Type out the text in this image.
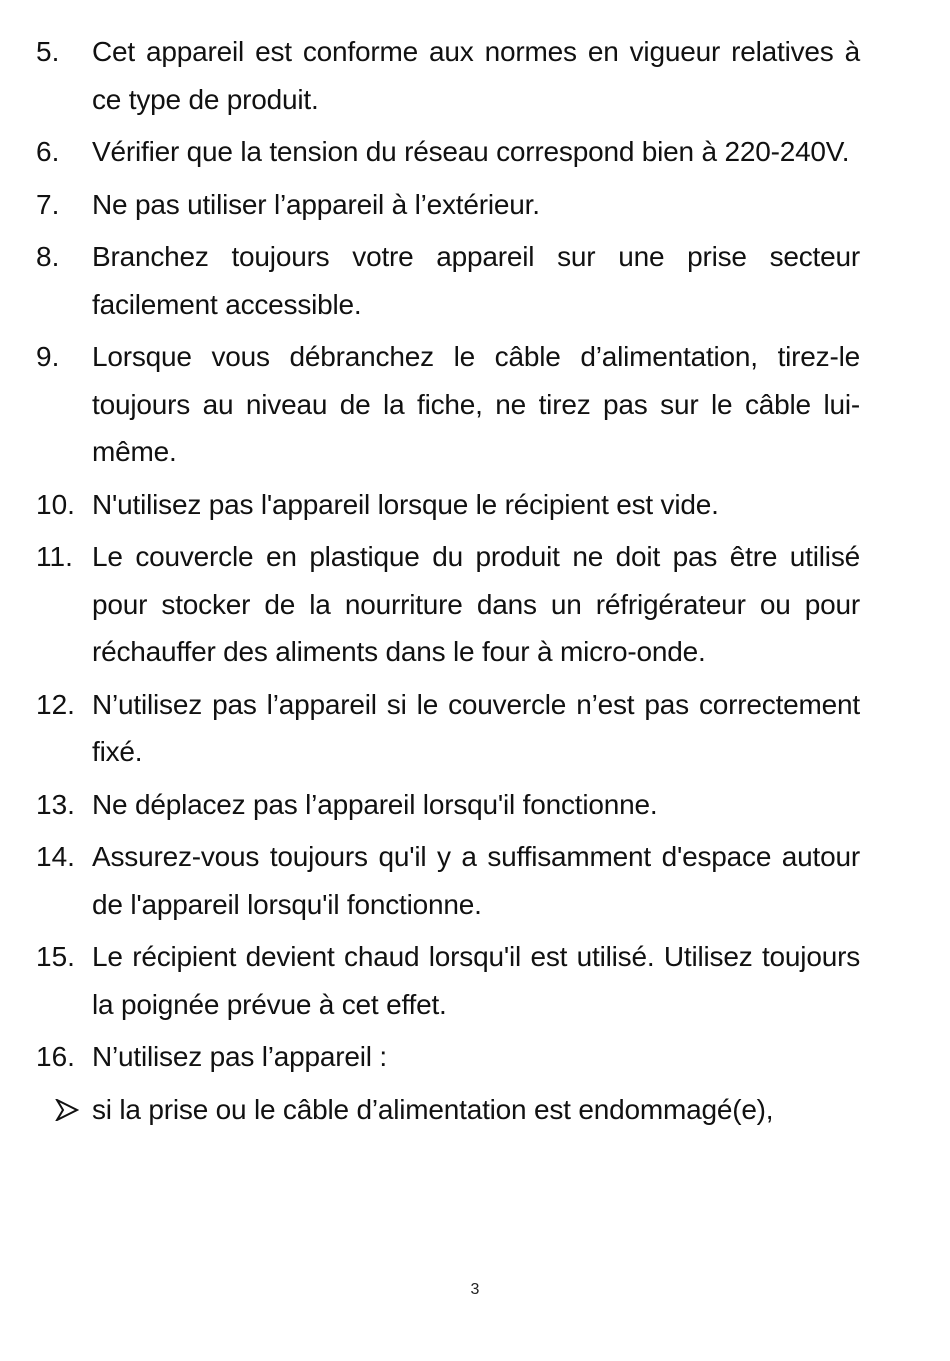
5.	Cet appareil est conforme aux normes en vigueur relatives à ce type de produit.
6.	Vérifier que la tension du réseau correspond bien à 220-240V.
7.	Ne pas utiliser l’appareil à l’extérieur.
8.	Branchez toujours votre appareil sur une prise secteur facilement accessible.
9.	Lorsque vous débranchez le câble d’alimentation, tirez-le toujours au niveau de la fiche, ne tirez pas sur le câble lui-même.
10. N'utilisez pas l'appareil lorsque le récipient est vide.
11. Le couvercle en plastique du produit ne doit pas être utilisé pour stocker de la nourriture dans un réfrigérateur ou pour réchauffer des aliments dans le four à micro-onde.
12. N’utilisez pas l’appareil si le couvercle n’est pas correctement fixé.
13. Ne déplacez pas l’appareil lorsqu'il fonctionne.
14. Assurez-vous toujours qu'il y a suffisamment d'espace autour de l'appareil lorsqu'il fonctionne.
15. Le récipient devient chaud lorsqu'il est utilisé. Utilisez toujours la poignée prévue à cet effet.
16. N’utilisez pas l’appareil :
si la prise ou le câble d’alimentation est endommagé(e),
3
